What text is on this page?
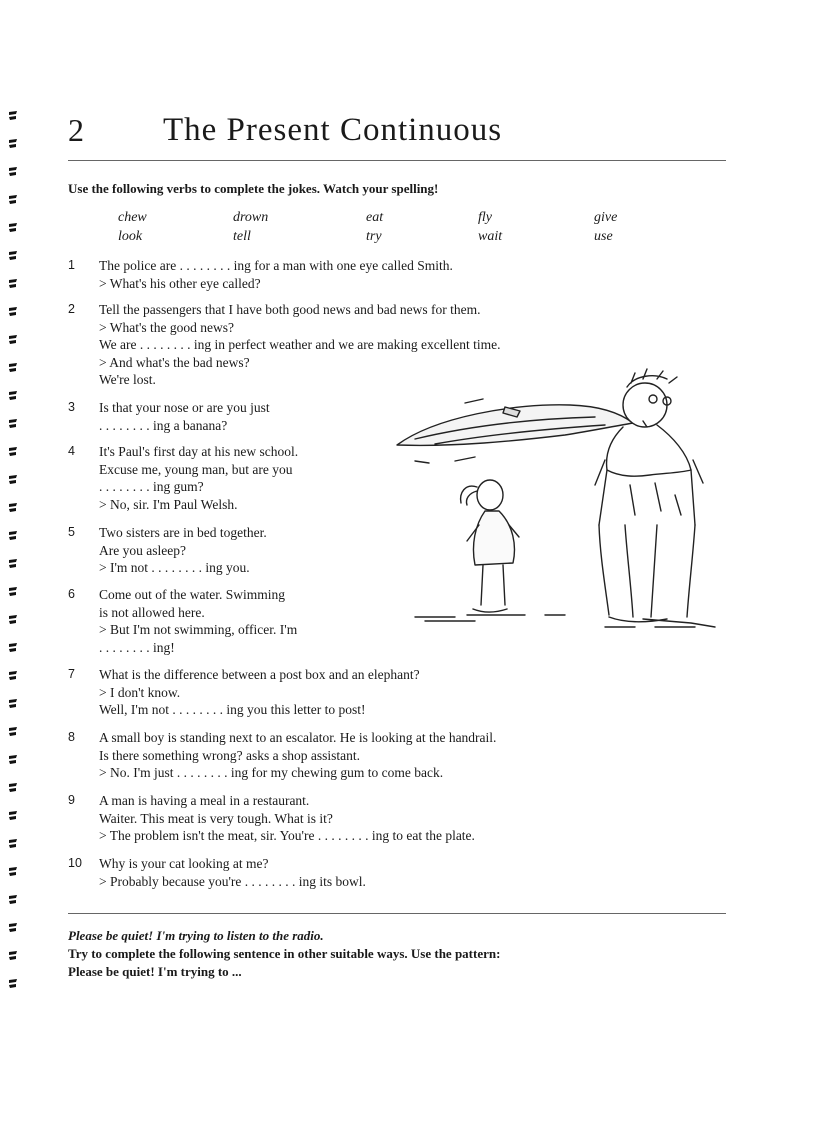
2 The Present Continuous
Use the following verbs to complete the jokes. Watch your spelling!
chew	drown	eat	fly	give
look	tell	try	wait	use
1 The police are . . . . . . . . ing for a man with one eye called Smith.
> What's his other eye called?
2 Tell the passengers that I have both good news and bad news for them.
> What's the good news?
We are . . . . . . . . ing in perfect weather and we are making excellent time.
> And what's the bad news?
We're lost.
3 Is that your nose or are you just
. . . . . . . . ing a banana?
4 It's Paul's first day at his new school.
Excuse me, young man, but are you
. . . . . . . . ing gum?
> No, sir. I'm Paul Welsh.
5 Two sisters are in bed together.
Are you asleep?
> I'm not . . . . . . . . ing you.
6 Come out of the water. Swimming
is not allowed here.
> But I'm not swimming, officer. I'm
. . . . . . . . ing!
7 What is the difference between a post box and an elephant?
> I don't know.
Well, I'm not . . . . . . . . ing you this letter to post!
8 A small boy is standing next to an escalator. He is looking at the handrail.
Is there something wrong? asks a shop assistant.
> No. I'm just . . . . . . . . ing for my chewing gum to come back.
9 A man is having a meal in a restaurant.
Waiter. This meat is very tough. What is it?
> The problem isn't the meat, sir. You're . . . . . . . . ing to eat the plate.
10 Why is your cat looking at me?
> Probably because you're . . . . . . . . ing its bowl.
Please be quiet! I'm trying to listen to the radio.
Try to complete the following sentence in other suitable ways. Use the pattern:
Please be quiet! I'm trying to ...
